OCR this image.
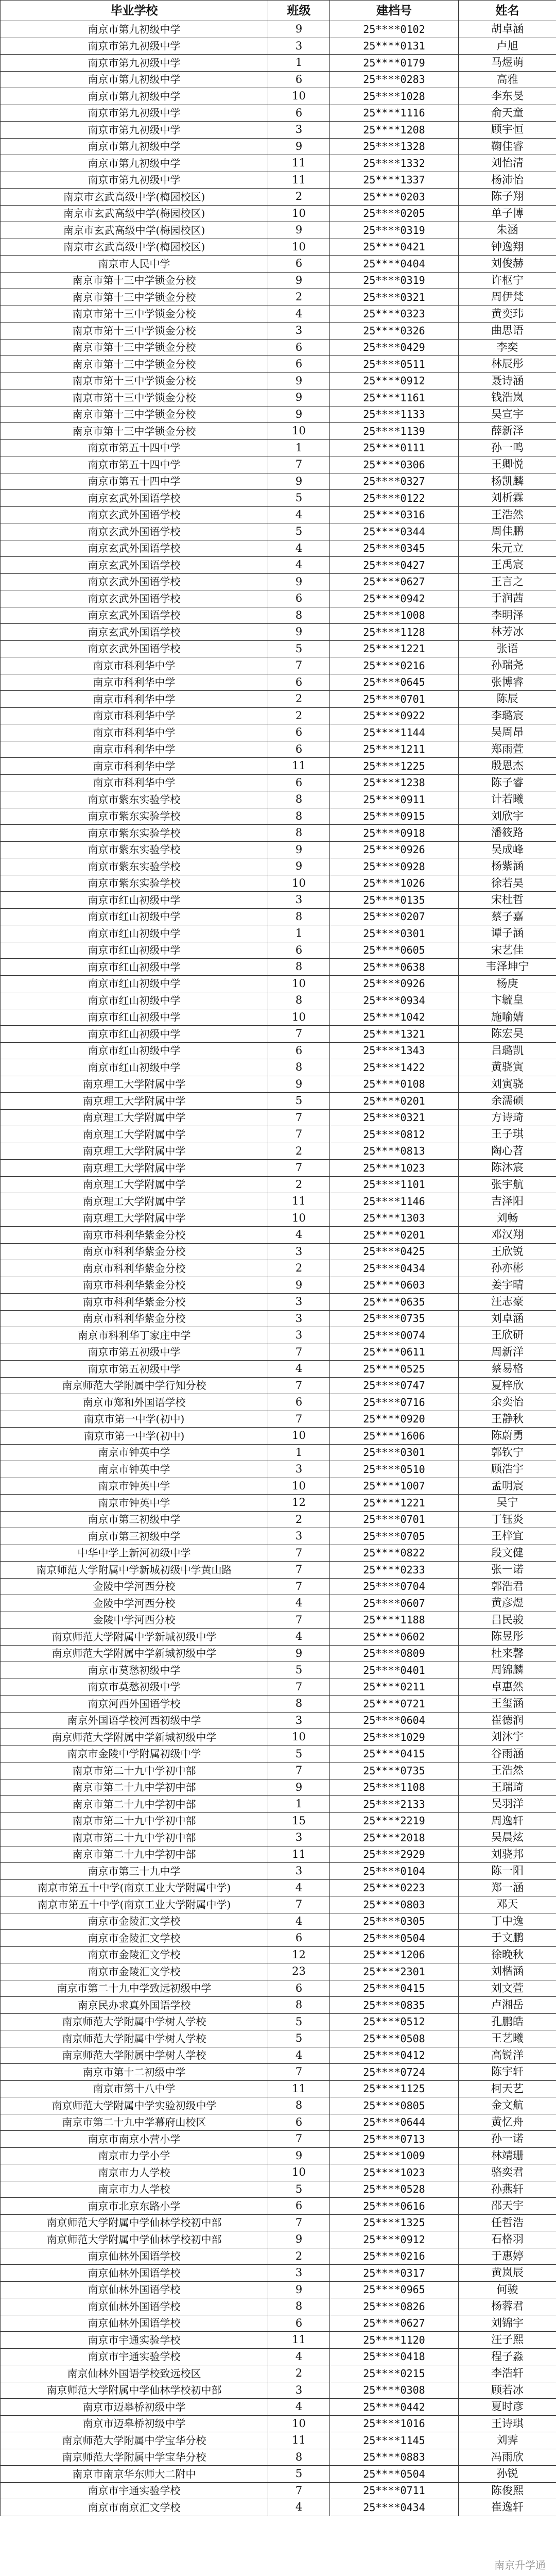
毕业学校	班级	建档号	姓名
南京市第九初级中学	9	25****0102	胡卓涵
南京市第九初级中学	3	25****0131	卢旭
南京市第九初级中学	1	25****0179	马煜萌
南京市第九初级中学	6	25****0283	高雅
南京市第九初级中学	10	25****1028	李东旻
南京市第九初级中学	6	25****1116	俞天童
南京市第九初级中学	3	25****1208	顾宇恒
南京市第九初级中学	9	25****1328	鞠佳睿
南京市第九初级中学	11	25****1332	刘怡清
南京市第九初级中学	11	25****1337	杨沛怡
南京市玄武高级中学(梅园校区)	2	25****0203	陈子翔
南京市玄武高级中学(梅园校区)	10	25****0205	单子博
南京市玄武高级中学(梅园校区)	9	25****0319	朱涵
南京市玄武高级中学(梅园校区)	10	25****0421	钟逸翔
南京市人民中学	6	25****0404	刘俊赫
南京市第十三中学锁金分校	9	25****0319	许枢宁
南京市第十三中学锁金分校	2	25****0321	周伊梵
南京市第十三中学锁金分校	4	25****0323	黄奕玮
南京市第十三中学锁金分校	3	25****0326	曲思语
南京市第十三中学锁金分校	6	25****0429	李奕
南京市第十三中学锁金分校	6	25****0511	林辰彤
南京市第十三中学锁金分校	9	25****0912	聂诗涵
南京市第十三中学锁金分校	9	25****1161	钱浩岚
南京市第十三中学锁金分校	9	25****1133	吴宣宇
南京市第十三中学锁金分校	10	25****1139	薛新泽
南京市第五十四中学	1	25****0111	孙一鸣
南京市第五十四中学	7	25****0306	王卿悦
南京市第五十四中学	9	25****0327	杨凯麟
南京玄武外国语学校	5	25****0122	刘析霖
南京玄武外国语学校	4	25****0316	王浩然
南京玄武外国语学校	5	25****0344	周佳鹏
南京玄武外国语学校	4	25****0345	朱元立
南京玄武外国语学校	4	25****0427	王禹宸
南京玄武外国语学校	9	25****0627	王言之
南京玄武外国语学校	6	25****0942	于润茜
南京玄武外国语学校	8	25****1008	李明泽
南京玄武外国语学校	9	25****1128	林芳冰
南京玄武外国语学校	5	25****1221	张语
南京市科利华中学	7	25****0216	孙瑞尧
南京市科利华中学	6	25****0645	张博睿
南京市科利华中学	2	25****0701	陈辰
南京市科利华中学	2	25****0922	李璐宸
南京市科利华中学	6	25****1144	吴周昂
南京市科利华中学	6	25****1211	郑雨萱
南京市科利华中学	11	25****1225	殷恩杰
南京市科利华中学	6	25****1238	陈子睿
南京市紫东实验学校	8	25****0911	计若曦
南京市紫东实验学校	8	25****0915	刘欣宇
南京市紫东实验学校	8	25****0918	潘筱路
南京市紫东实验学校	9	25****0926	吴成峰
南京市紫东实验学校	9	25****0928	杨紫涵
南京市紫东实验学校	10	25****1026	徐若昊
南京市红山初级中学	3	25****0135	宋杜哲
南京市红山初级中学	8	25****0207	蔡子嘉
南京市红山初级中学	1	25****0301	谭子涵
南京市红山初级中学	6	25****0605	宋艺佳
南京市红山初级中学	8	25****0638	韦泽坤宁
南京市红山初级中学	10	25****0926	杨庚
南京市红山初级中学	8	25****0934	卞毓皇
南京市红山初级中学	10	25****1042	施喻婧
南京市红山初级中学	7	25****1321	陈宏昊
南京市红山初级中学	6	25****1343	吕璐凯
南京市红山初级中学	8	25****1422	黄骁寅
南京理工大学附属中学	9	25****0108	刘寅骁
南京理工大学附属中学	5	25****0201	余濡硕
南京理工大学附属中学	7	25****0321	方诗琦
南京理工大学附属中学	7	25****0812	王子琪
南京理工大学附属中学	2	25****0813	陶心苕
南京理工大学附属中学	7	25****1023	陈沐宸
南京理工大学附属中学	2	25****1101	张宇航
南京理工大学附属中学	11	25****1146	吉泽阳
南京理工大学附属中学	10	25****1303	刘畅
南京市科利华紫金分校	4	25****0201	邓汉翔
南京市科利华紫金分校	3	25****0425	王欣锐
南京市科利华紫金分校	2	25****0434	孙亦彬
南京市科利华紫金分校	9	25****0603	姜宇晴
南京市科利华紫金分校	3	25****0635	汪志豪
南京市科利华紫金分校	3	25****0735	刘卓涵
南京市科利华丁家庄中学	3	25****0074	王欣研
南京市第五初级中学	7	25****0611	周新洋
南京市第五初级中学	4	25****0525	蔡易格
南京师范大学附属中学行知分校	7	25****0747	夏梓欣
南京市郑和外国语学校	6	25****0716	余奕怡
南京市第一中学(初中)	7	25****0920	王静秋
南京市第一中学(初中)	10	25****1606	陈蔚勇
南京市钟英中学	1	25****0301	郭钦宁
南京市钟英中学	3	25****0510	顾浩宇
南京市钟英中学	10	25****1007	孟明宸
南京市钟英中学	12	25****1221	吴宁
南京市第三初级中学	2	25****0701	丁钰炎
南京市第三初级中学	3	25****0705	王梓宜
中华中学上新河初级中学	7	25****0822	段文健
南京师范大学附属中学新城初级中学黄山路	7	25****0233	张一诺
金陵中学河西分校	7	25****0704	郭浩君
金陵中学河西分校	4	25****0607	黄彦煜
金陵中学河西分校	7	25****1188	吕民骏
南京师范大学附属中学新城初级中学	4	25****0602	陈昱彤
南京师范大学附属中学新城初级中学	9	25****0809	杜来馨
南京市莫愁初级中学	5	25****0401	周锦麟
南京市莫愁初级中学	7	25****0211	卓惠然
南京河西外国语学校	8	25****0721	王玺涵
南京外国语学校河西初级中学	3	25****0604	崔德润
南京师范大学附属中学新城初级中学	10	25****1029	刘沐宇
南京市金陵中学附属初级中学	5	25****0415	谷雨涵
南京市第二十九中学初中部	7	25****0735	王浩然
南京市第二十九中学初中部	9	25****1108	王瑞琦
南京市第二十九中学初中部	1	25****2133	吴羽洋
南京市第二十九中学初中部	15	25****2219	周逸轩
南京市第二十九中学初中部	3	25****2018	吴晨炫
南京市第二十九中学初中部	11	25****2929	刘骁邦
南京市第三十九中学	3	25****0104	陈一阳
南京市第五十中学(南京工业大学附属中学)	4	25****0223	郑一涵
南京市第五十中学(南京工业大学附属中学)	7	25****0803	邓天
南京市金陵汇文学校	4	25****0305	丁中逸
南京市金陵汇文学校	6	25****0504	于文鹏
南京市金陵汇文学校	12	25****1206	徐晚秋
南京市金陵汇文学校	23	25****2301	刘楷涵
南京市第二十九中学致远初级中学	6	25****0415	刘文萱
南京民办求真外国语学校	8	25****0835	卢湘岳
南京师范大学附属中学树人学校	5	25****0512	孔鹏皓
南京师范大学附属中学树人学校	5	25****0508	王艺曦
南京师范大学附属中学树人学校	4	25****0412	高锐洋
南京市第十二初级中学	7	25****0724	陈宇轩
南京市第十八中学	11	25****1125	柯天艺
南京师范大学附属中学实验初级中学	8	25****0805	金文航
南京市第二十九中学幕府山校区	6	25****0644	黄忆舟
南京市南京小营小学	7	25****0713	孙一诺
南京市力学小学	9	25****1009	林靖珊
南京市力人学校	10	25****1023	骆奕君
南京市力人学校	5	25****0528	孙燕轩
南京市北京东路小学	6	25****0616	邵天宇
南京师范大学附属中学仙林学校初中部	7	25****1325	任哲浩
南京师范大学附属中学仙林学校初中部	9	25****0912	石格羽
南京仙林外国语学校	2	25****0216	于惠婷
南京仙林外国语学校	3	25****0317	黄岚辰
南京仙林外国语学校	9	25****0965	何骏
南京仙林外国语学校	8	25****0826	杨蓉君
南京仙林外国语学校	6	25****0627	刘锦宇
南京市宇通实验学校	11	25****1120	汪子熙
南京市宇通实验学校	4	25****0418	程子淼
南京仙林外国语学校致远校区	2	25****0215	李浩轩
南京师范大学附属中学仙林学校初中部	3	25****0308	顾若冰
南京市迈皋桥初级中学	4	25****0442	夏时彦
南京市迈皋桥初级中学	10	25****1016	王诗琪
南京师范大学附属中学宝华分校	11	25****1145	刘霁
南京师范大学附属中学宝华分校	8	25****0883	冯雨欣
南京市南京华东师大二附中	5	25****0504	孙锐
南京市宇通实验学校	7	25****0711	陈俊熙
南京市南京汇文学校	4	25****0434	崔逸轩
南京升学通
